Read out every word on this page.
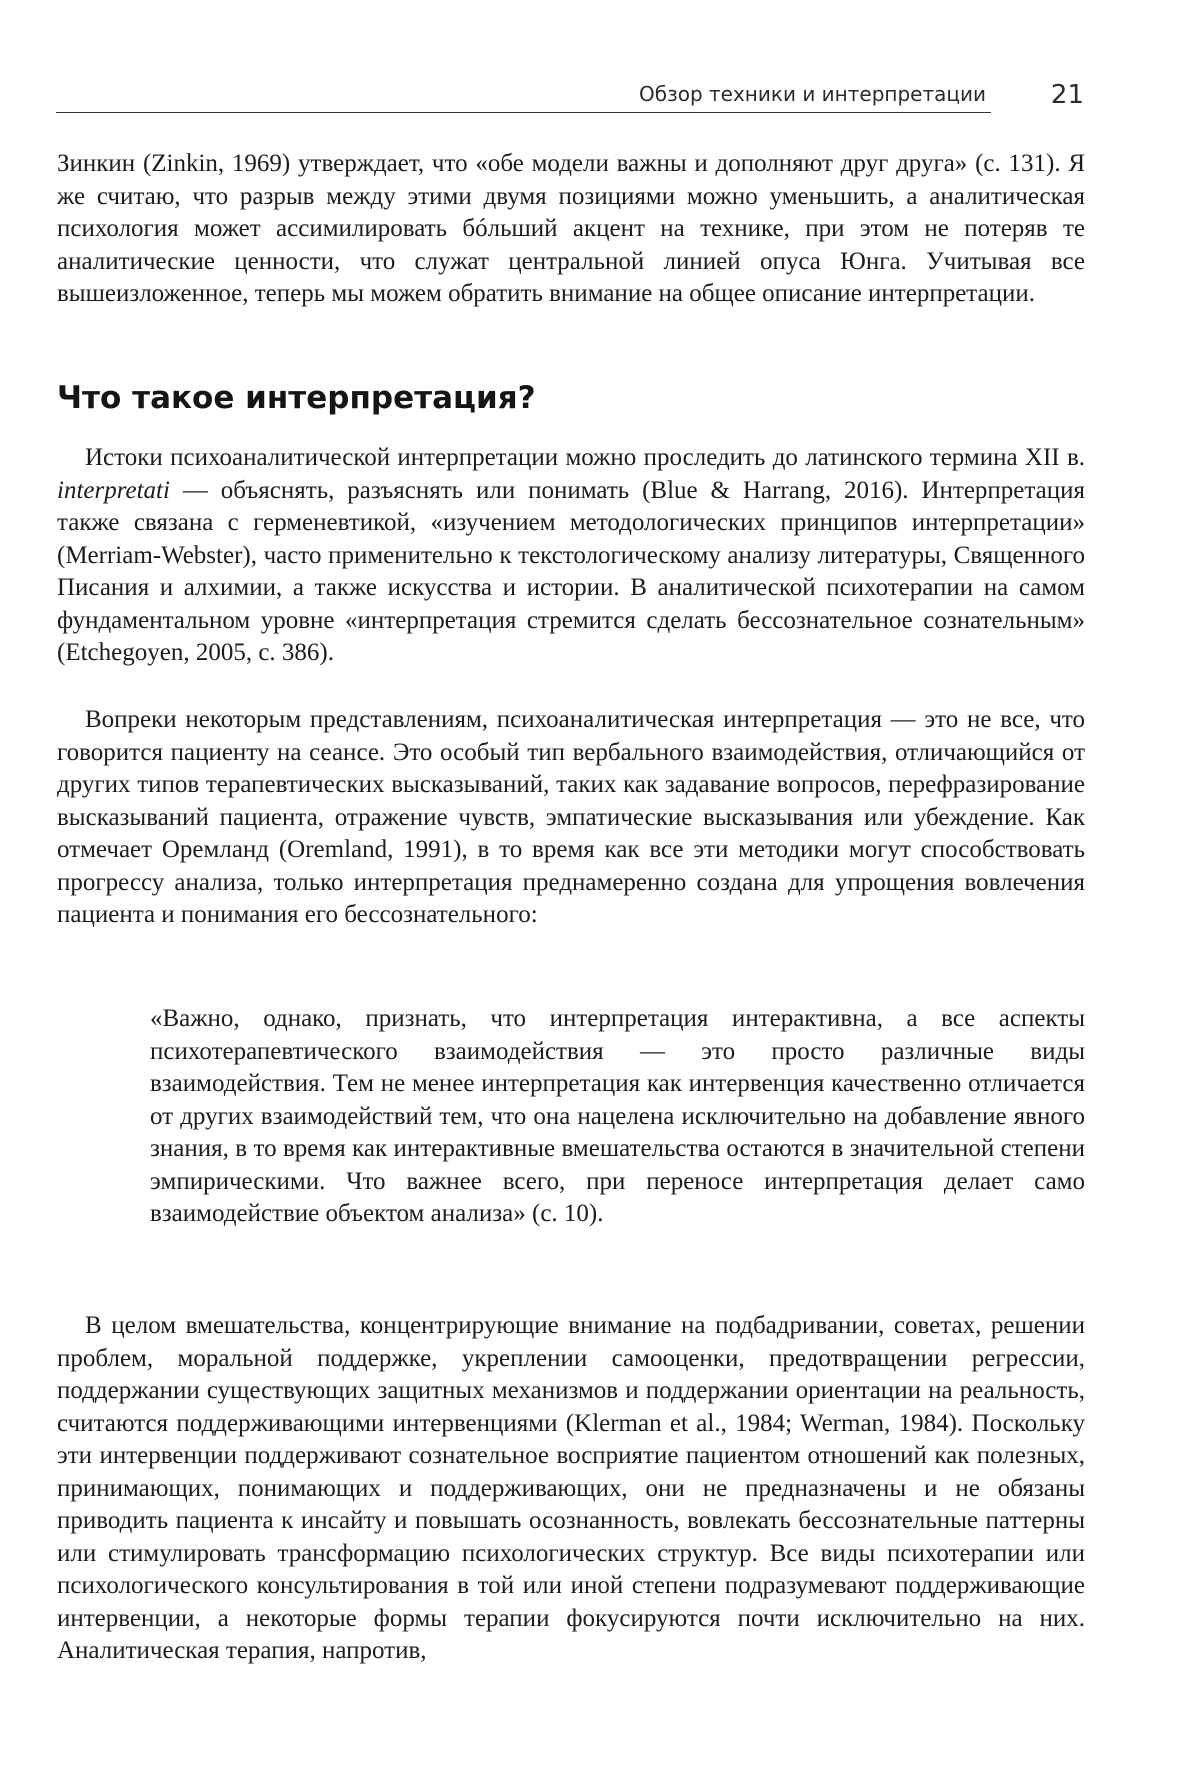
Обзор техники и интерпретации 21

Зинкин (Zinkin, 1969) утверждает, что «обе модели важны и дополняют друг друга» (с. 131). Я же считаю, что разрыв между этими двумя позициями можно уменьшить, а аналитическая психология может ассимилировать бóльший акцент на технике, при этом не потеряв те аналитические ценности, что служат центральной линией опуса Юнга. Учитывая все вышеизложенное, теперь мы можем обратить внимание на общее описание интерпретации.

Что такое интерпретация?

Истоки психоаналитической интерпретации можно проследить до латинского термина XII в. interpretati — объяснять, разъяснять или понимать (Blue & Harrang, 2016). Интерпретация также связана с герменевтикой, «изучением методологических принципов интерпретации» (Merriam-Webster), часто применительно к текстологическому анализу литературы, Священного Писания и алхимии, а также искусства и истории. В аналитической психотерапии на самом фундаментальном уровне «интерпретация стремится сделать бессознательное сознательным» (Etchegoyen, 2005, с. 386).

Вопреки некоторым представлениям, психоаналитическая интерпретация — это не все, что говорится пациенту на сеансе. Это особый тип вербального взаимодействия, отличающийся от других типов терапевтических высказываний, таких как задавание вопросов, перефразирование высказываний пациента, отражение чувств, эмпатические высказывания или убеждение. Как отмечает Оремланд (Oremland, 1991), в то время как все эти методики могут способствовать прогрессу анализа, только интерпретация преднамеренно создана для упрощения вовлечения пациента и понимания его бессознательного:

«Важно, однако, признать, что интерпретация интерактивна, а все аспекты психотерапевтического взаимодействия — это просто различные виды взаимодействия. Тем не менее интерпретация как интервенция качественно отличается от других взаимодействий тем, что она нацелена исключительно на добавление явного знания, в то время как интерактивные вмешательства остаются в значительной степени эмпирическими. Что важнее всего, при переносе интерпретация делает само взаимодействие объектом анализа» (с. 10).

В целом вмешательства, концентрирующие внимание на подбадривании, советах, решении проблем, моральной поддержке, укреплении самооценки, предотвращении регрессии, поддержании существующих защитных механизмов и поддержании ориентации на реальность, считаются поддерживающими интервенциями (Klerman et al., 1984; Werman, 1984). Поскольку эти интервенции поддерживают сознательное восприятие пациентом отношений как полезных, принимающих, понимающих и поддерживающих, они не предназначены и не обязаны приводить пациента к инсайту и повышать осознанность, вовлекать бессознательные паттерны или стимулировать трансформацию психологических структур. Все виды психотерапии или психологического консультирования в той или иной степени подразумевают поддерживающие интервенции, а некоторые формы терапии фокусируются почти исключительно на них. Аналитическая терапия, напротив,
